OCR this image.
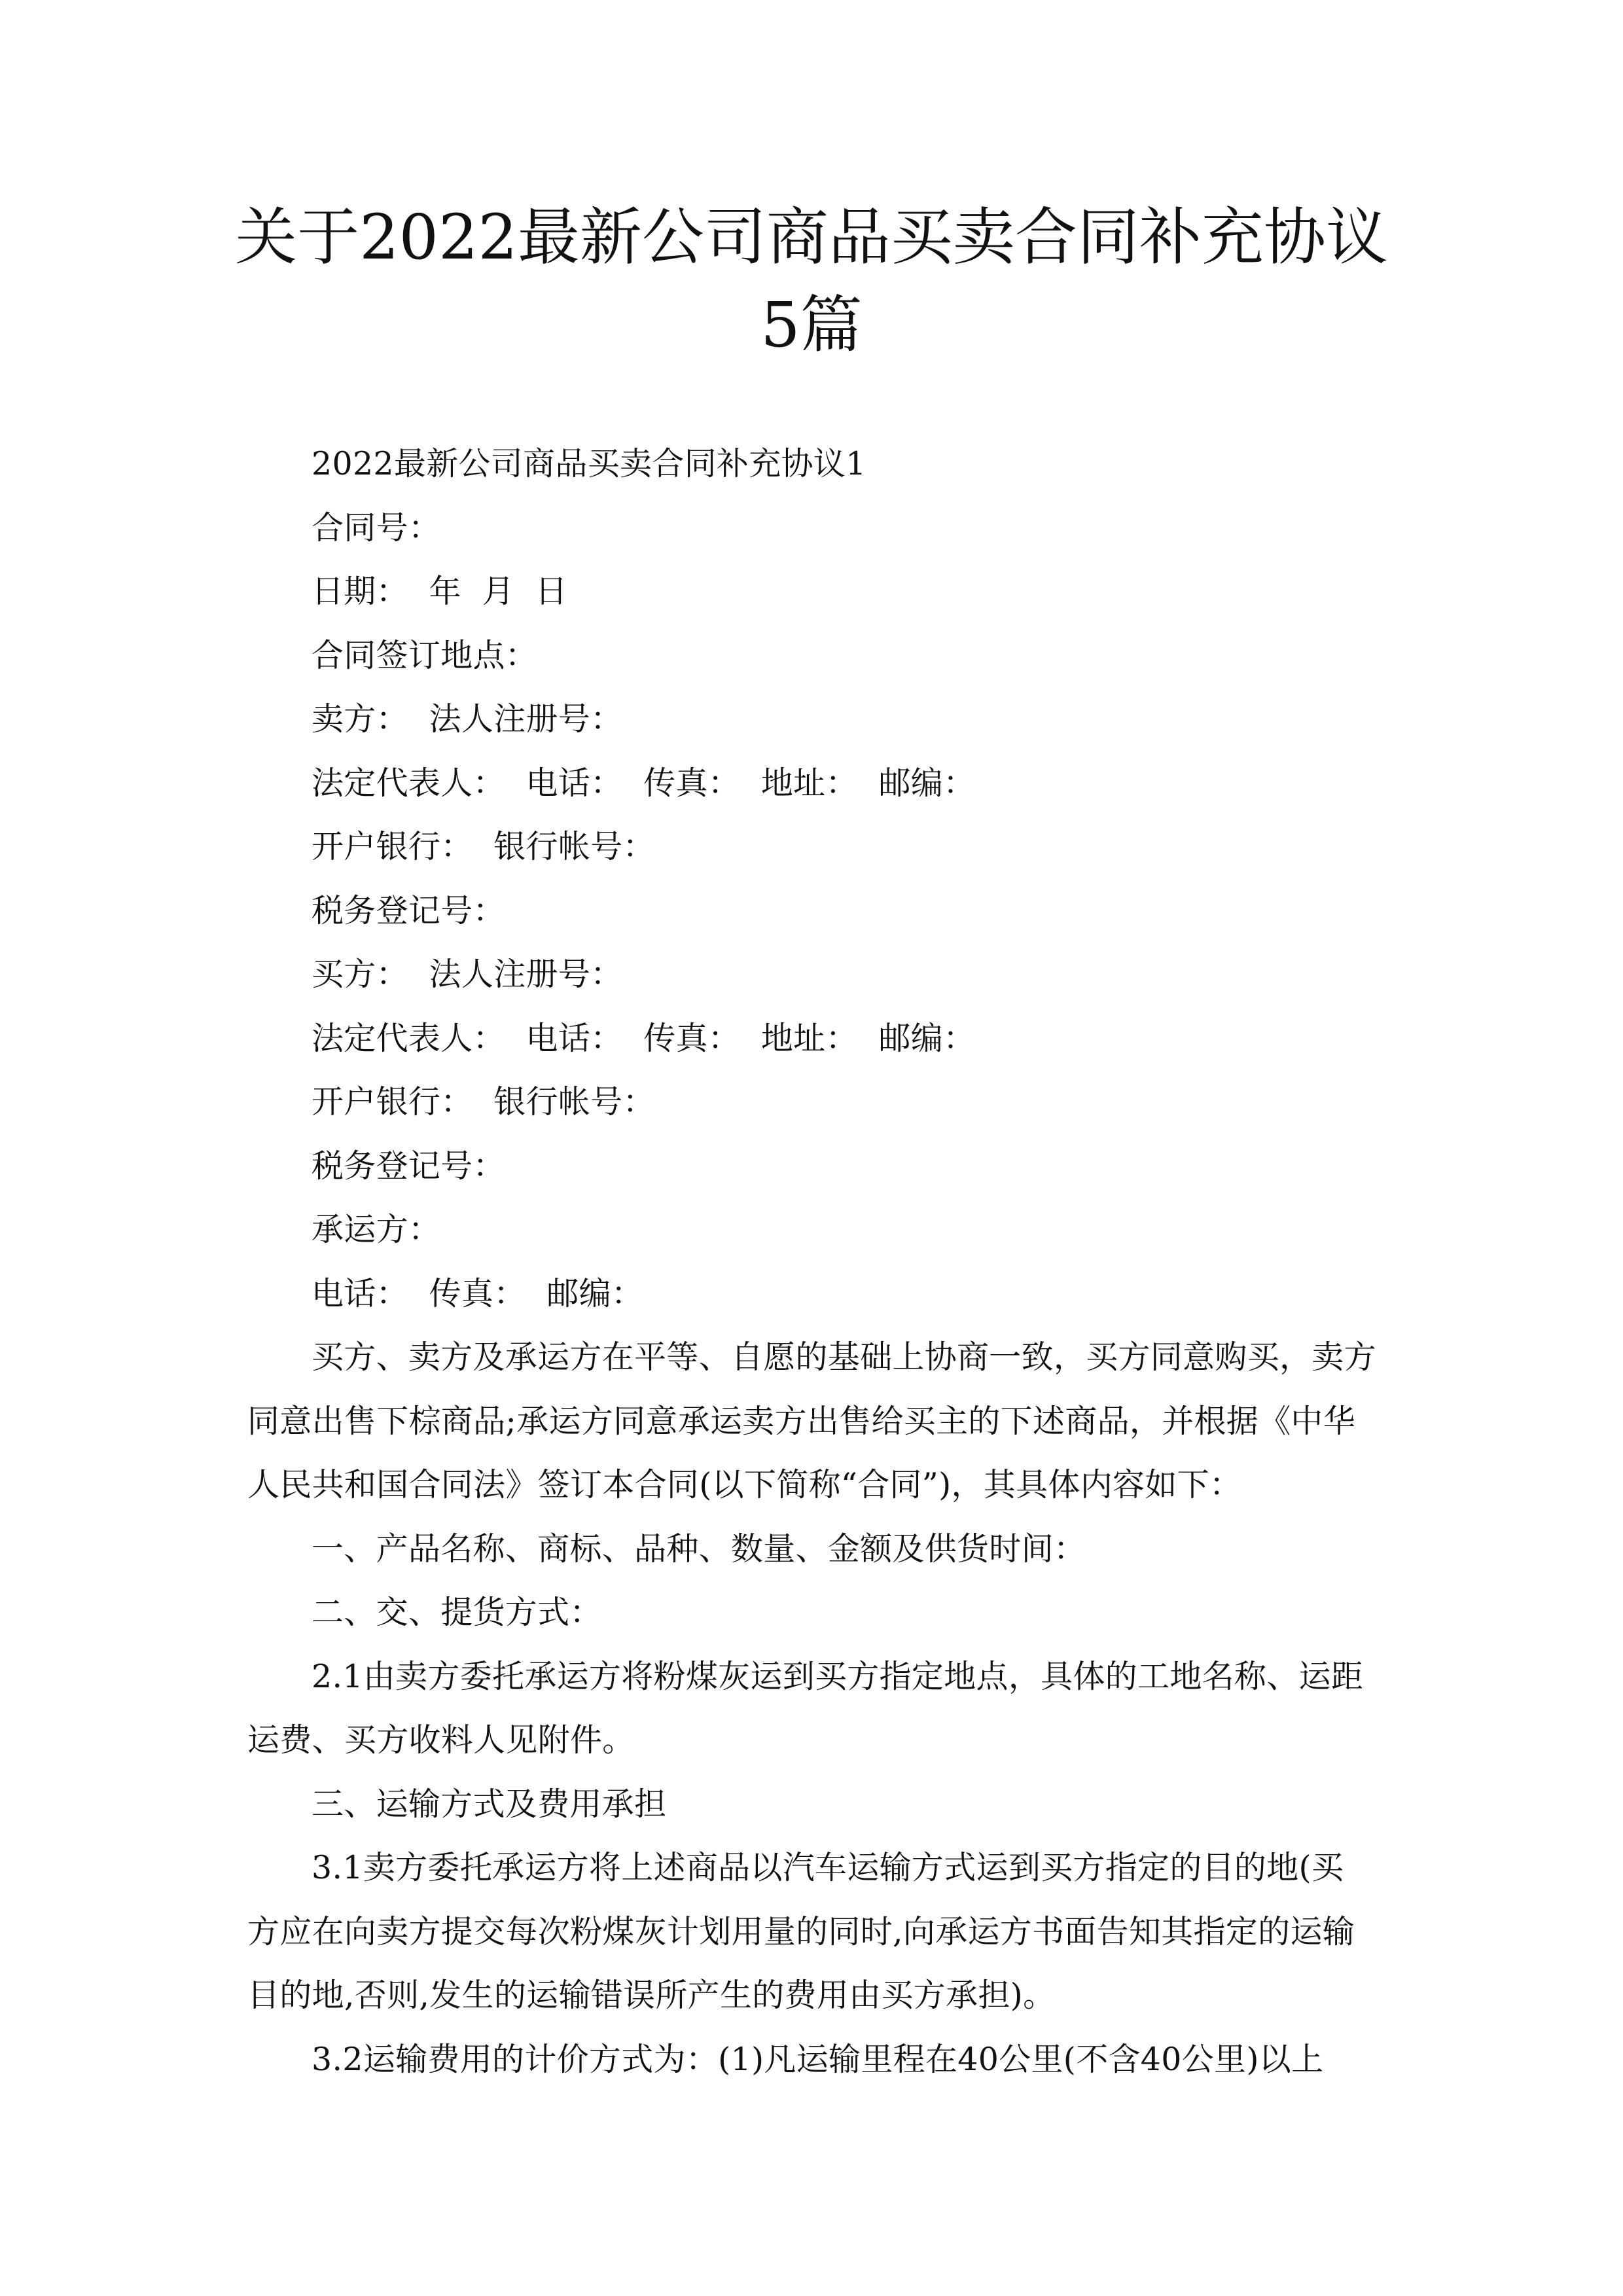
关于2022最新公司商品买卖合同补充协议
5篇
2022最新公司商品买卖合同补充协议1
合同号：
日期：  年  月  日
合同签订地点：
卖方：  法人注册号：
法定代表人：  电话：  传真：  地址：  邮编：
开户银行：  银行帐号：
税务登记号：
买方：  法人注册号：
法定代表人：  电话：  传真：  地址：  邮编：
开户银行：  银行帐号：
税务登记号：
承运方：
电话：  传真：  邮编：
买方、卖方及承运方在平等、自愿的基础上协商一致，买方同意购买，卖方
同意出售下棕商品;承运方同意承运卖方出售给买主的下述商品，并根据《中华
人民共和国合同法》签订本合同(以下简称“合同”)，其具体内容如下：
一、产品名称、商标、品种、数量、金额及供货时间：
二、交、提货方式：
2.1由卖方委托承运方将粉煤灰运到买方指定地点，具体的工地名称、运距
运费、买方收料人见附件。
三、运输方式及费用承担
3.1卖方委托承运方将上述商品以汽车运输方式运到买方指定的目的地(买
方应在向卖方提交每次粉煤灰计划用量的同时,向承运方书面告知其指定的运输
目的地,否则,发生的运输错误所产生的费用由买方承担)。
3.2运输费用的计价方式为：(1)凡运输里程在40公里(不含40公里)以上
